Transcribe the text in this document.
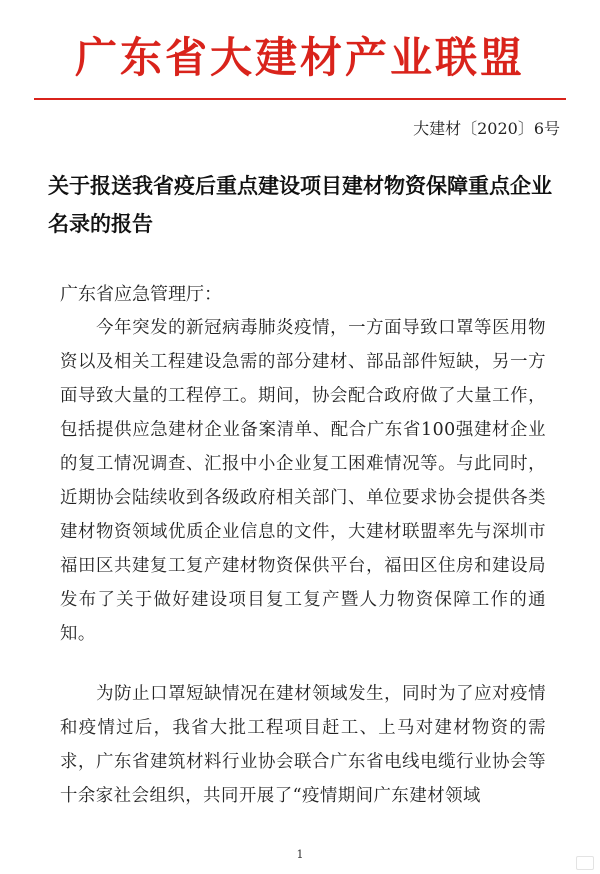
广东省大建材产业联盟
大建材〔2020〕6号
关于报送我省疫后重点建设项目建材物资保障重点企业名录的报告
广东省应急管理厅：
今年突发的新冠病毒肺炎疫情，一方面导致口罩等医用物资以及相关工程建设急需的部分建材、部品部件短缺，另一方面导致大量的工程停工。期间，协会配合政府做了大量工作，包括提供应急建材企业备案清单、配合广东省100强建材企业的复工情况调查、汇报中小企业复工困难情况等。与此同时，近期协会陆续收到各级政府相关部门、单位要求协会提供各类建材物资领域优质企业信息的文件，大建材联盟率先与深圳市福田区共建复工复产建材物资保供平台，福田区住房和建设局发布了关于做好建设项目复工复产暨人力物资保障工作的通知。
为防止口罩短缺情况在建材领域发生，同时为了应对疫情和疫情过后，我省大批工程项目赶工、上马对建材物资的需求，广东省建筑材料行业协会联合广东省电线电缆行业协会等十余家社会组织，共同开展了“疫情期间广东建材领域
1
